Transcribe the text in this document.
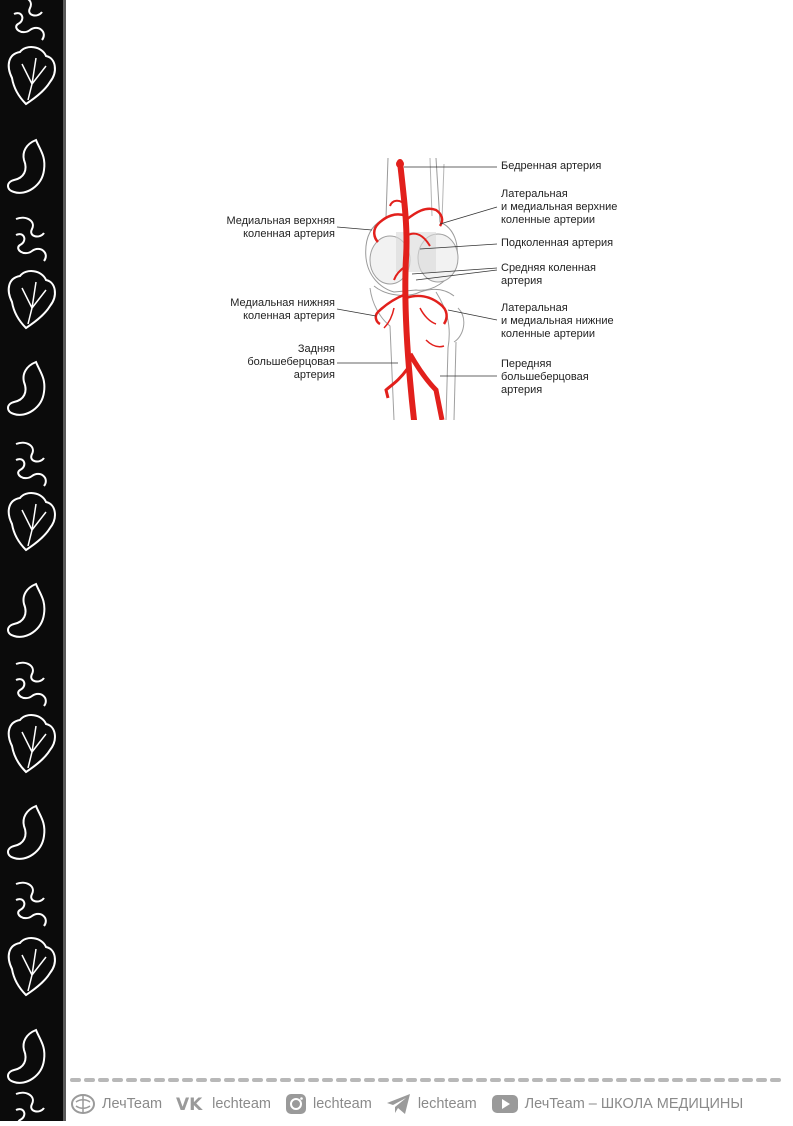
Бедренная артерия
Латеральная
и медиальная верхние
коленные артерии
Подколенная артерия
Средняя коленная
артерия
Латеральная
и медиальная нижние
коленные артерии
Передняя
большеберцовая
артерия
Медиальная верхняя
коленная артерия
Медиальная нижняя
коленная артерия
Задняя
большеберцовая
артерия
ЛечTeam VK lechteam	lechteam	lechteam	ЛечTeam – ШКОЛА МЕДИЦИНЫ
